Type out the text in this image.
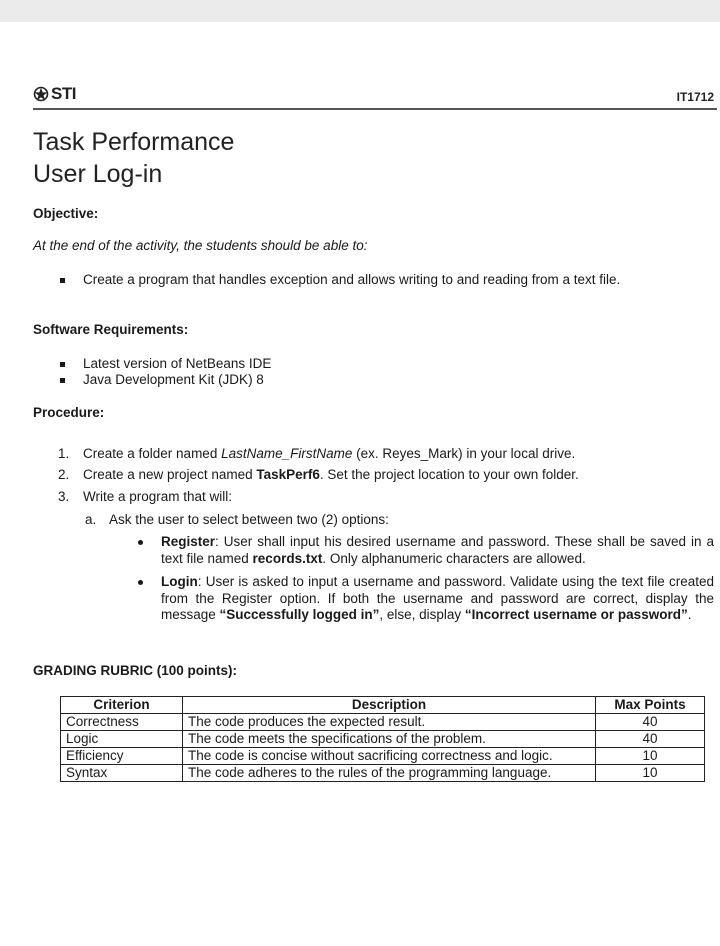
STI	IT1712
Task Performance
User Log-in
Objective:
At the end of the activity, the students should be able to:
Create a program that handles exception and allows writing to and reading from a text file.
Software Requirements:
Latest version of NetBeans IDE
Java Development Kit (JDK) 8
Procedure:
1. Create a folder named LastName_FirstName (ex. Reyes_Mark) in your local drive.
2. Create a new project named TaskPerf6. Set the project location to your own folder.
3. Write a program that will:
a. Ask the user to select between two (2) options:
Register: User shall input his desired username and password. These shall be saved in a text file named records.txt. Only alphanumeric characters are allowed.
Login: User is asked to input a username and password. Validate using the text file created from the Register option. If both the username and password are correct, display the message “Successfully logged in”, else, display “Incorrect username or password”.
GRADING RUBRIC (100 points):
Criterion	Description	Max Points
Correctness	The code produces the expected result.	40
Logic	The code meets the specifications of the problem.	40
Efficiency	The code is concise without sacrificing correctness and logic.	10
Syntax	The code adheres to the rules of the programming language.	10
